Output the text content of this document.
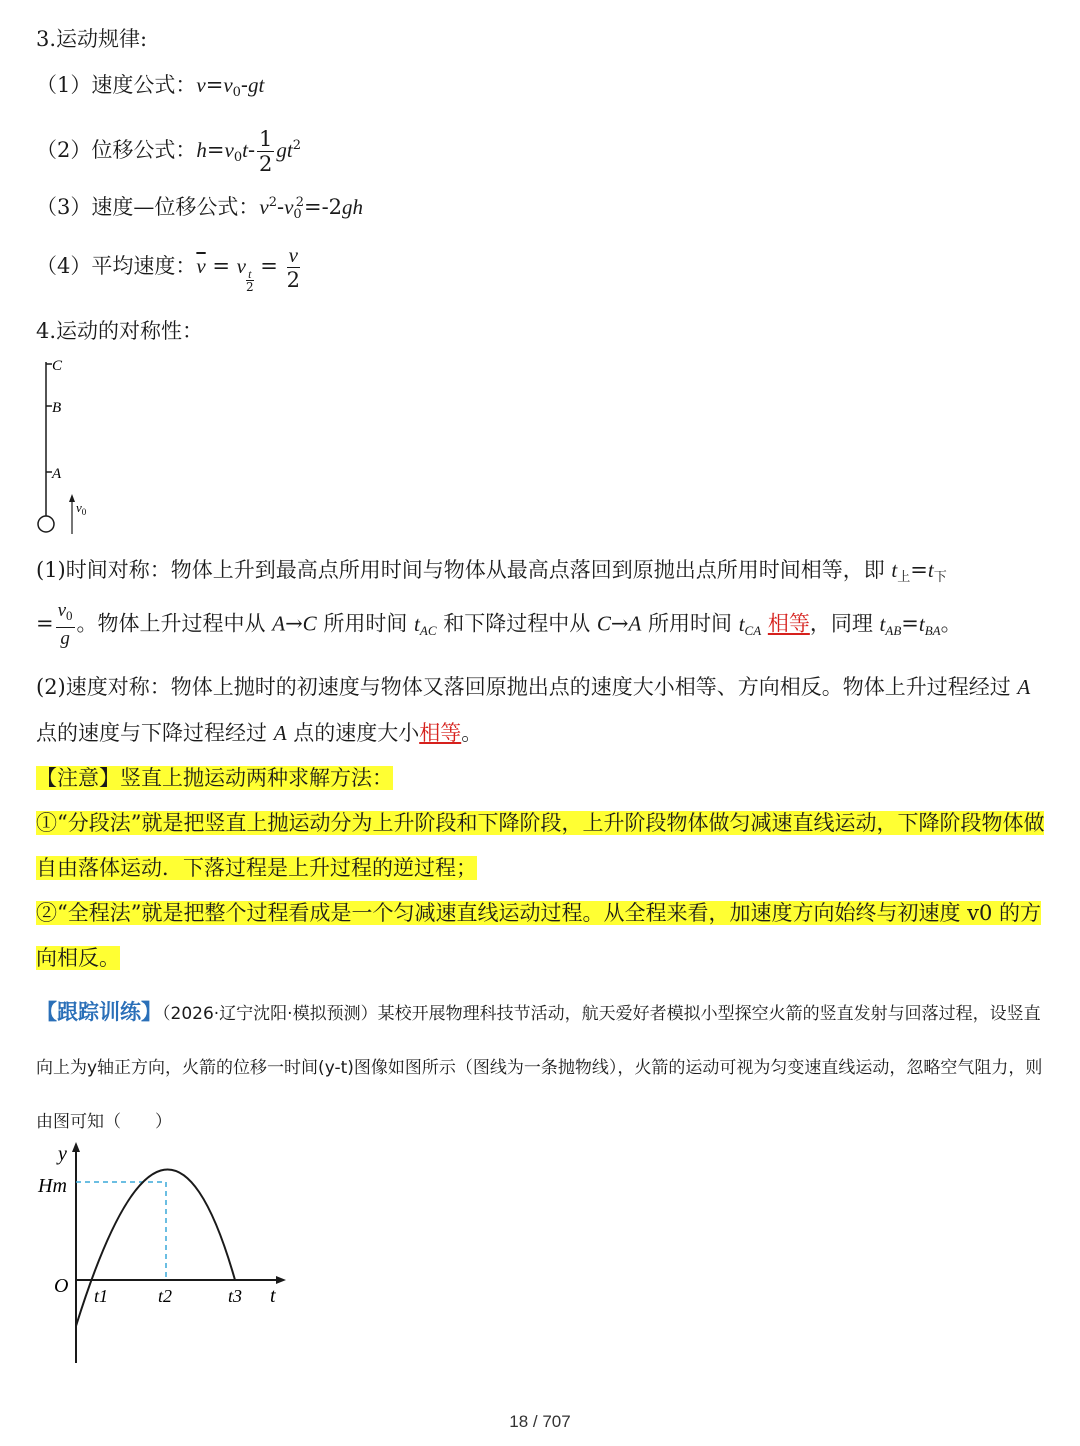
3.运动规律:
（1）速度公式：$v=v_0-gt$
（2）位移公式：$h=v_0t- \frac{1}{2} gt^2$
（3）速度—位移公式：$v^2-v_0^2=-2gh$
（4）平均速度：$\overline{v} = v$
$\frac{t}{2}$
= $\frac{v}{2}$
4.运动的对称性：
C
B
A
$v_0$
(1)时间对称：物体上升到最高点所用时间与物体从最高点落回到原抛出点所用时间相等，即 $t_上=t_下$
= $\frac{v_0}{g}$ 。物体上升过程中从 A→C 所用时间 $t_{AC}$ 和下降过程中从 C→A 所用时间 $t_{CA}$ 相等，同理 $t_{AB}=t_{BA}$。
(2)速度对称：物体上抛时的初速度与物体又落回原抛出点的速度大小相等、方向相反。物体上升过程经过 A 点的速度与下降过程经过 A 点的速度大小相等。
【注意】竖直上抛运动两种求解方法：
①“分段法”就是把竖直上抛运动分为上升阶段和下降阶段，上升阶段物体做匀减速直线运动，下降阶段物体做自由落体运动．下落过程是上升过程的逆过程；
②“全程法”就是把整个过程看成是一个匀减速直线运动过程。从全程来看，加速度方向始终与初速度 v0 的方向相反。
【跟踪训练】（2026·辽宁沈阳·模拟预测）某校开展物理科技节活动，航天爱好者模拟小型探空火箭的竖直发射与回落过程，设竖直向上为y轴正方向，火箭的位移一时间(y-t)图像如图所示（图线为一条抛物线），火箭的运动可视为匀变速直线运动，忽略空气阻力，则由图可知（　　）
y
Hm
O t1	t2	t3 t
18 / 707
